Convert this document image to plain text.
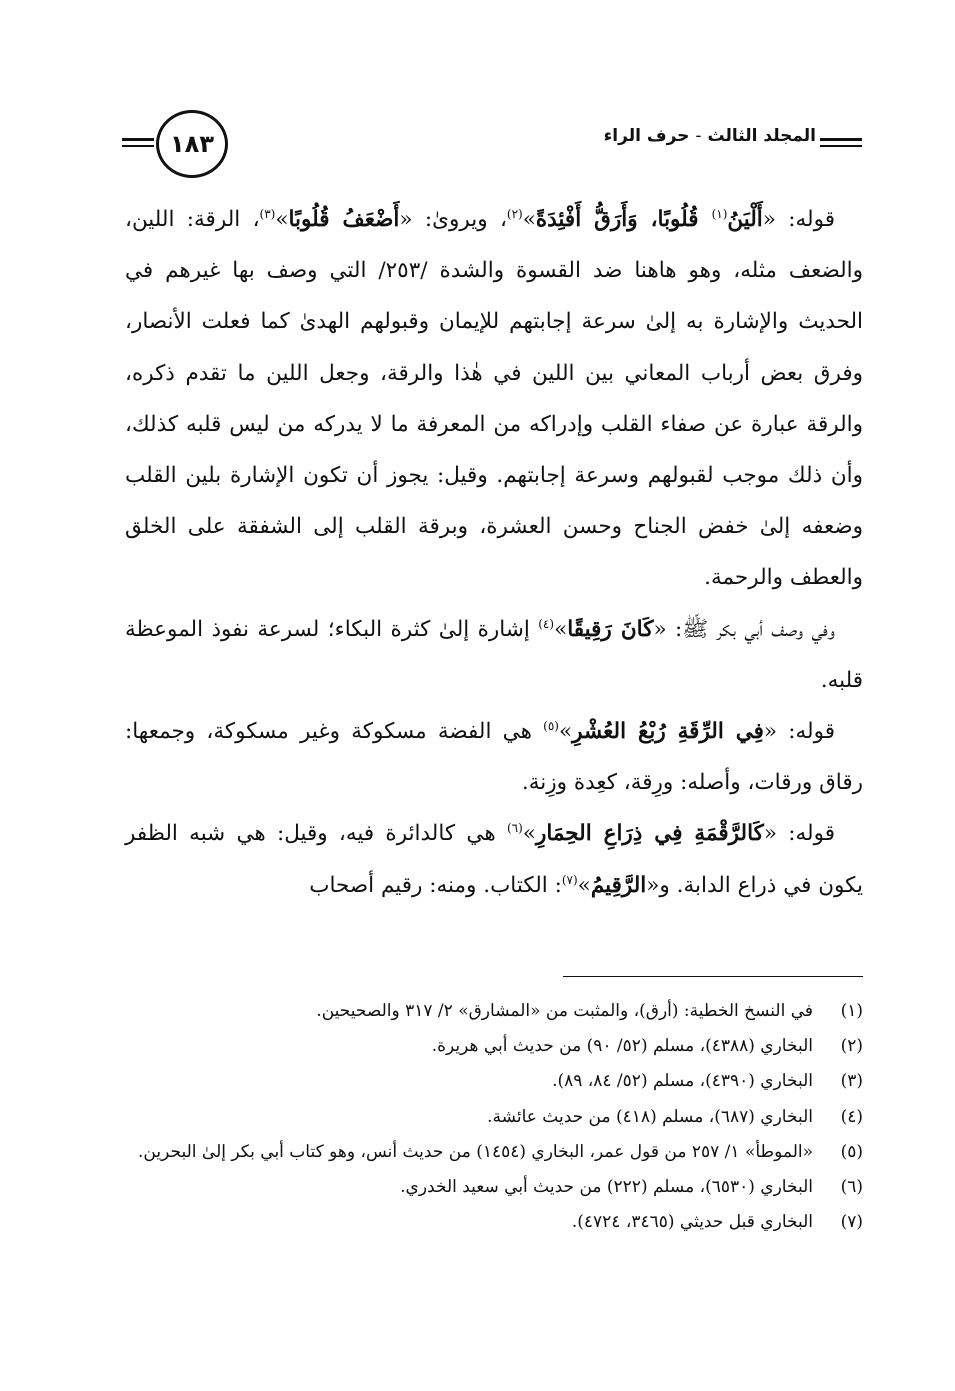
المجلد الثالث-حرف الراء
١٨٣

قوله: «أَلْيَنُ$^{(١)}$ قُلُوبًا، وَأَرَقُّ أَفْئِدَةً»$^{(٢)}$، ويروىٰ: «أَضْعَفُ قُلُوبًا»$^{(٣)}$، الرقة: اللين، والضعف مثله، وهو هاهنا ضد القسوة والشدة /٢٥٣/ التي وصف بها غيرهم في الحديث والإشارة به إلىٰ سرعة إجابتهم للإيمان وقبولهم الهدىٰ كما فعلت الأنصار، وفرق بعض أرباب المعاني بين اللين في هٰذا والرقة، وجعل اللين ما تقدم ذكره، والرقة عبارة عن صفاء القلب وإدراكه من المعرفة ما لا يدركه من ليس قلبه كذلك، وأن ذلك موجب لقبولهم وسرعة إجابتهم. وقيل: يجوز أن تكون الإشارة بلين القلب وضعفه إلىٰ خفض الجناح وحسن العشرة، وبرقة القلب إلى الشفقة على الخلق والعطف والرحمة.

وفي وصف أبي بكر ﷺ: «كَانَ رَقِيقًا»$^{(٤)}$ إشارة إلىٰ كثرة البكاء؛ لسرعة نفوذ الموعظة قلبه.

قوله: «فِي الرِّقَةِ رُبْعُ العُشْرِ»$^{(٥)}$ هي الفضة مسكوكة وغير مسكوكة، وجمعها: رقاق ورقات، وأصله: ورِقة، كعِدة وزِنة.

قوله: «كَالرَّقْمَةِ فِي ذِرَاعِ الحِمَارِ»$^{(٦)}$ هي كالدائرة فيه، وقيل: هي شبه الظفر يكون في ذراع الدابة. و«الرَّقِيمُ»$^{(٧)}$: الكتاب. ومنه: رقيم أصحاب

(١)
في النسخ الخطية: (أرق)، والمثبت من «المشارق» ٢/ ٣١٧ والصحيحين.
(٢)
البخاري (٤٣٨٨)، مسلم (٥٢/ ٩٠) من حديث أبي هريرة.
(٣)
البخاري (٤٣٩٠)، مسلم (٥٢/ ٨٤، ٨٩).
(٤)
البخاري (٦٨٧)، مسلم (٤١٨) من حديث عائشة.
(٥)
«الموطأ» ١/ ٢٥٧ من قول عمر، البخاري (١٤٥٤) من حديث أنس، وهو كتاب أبي بكر إلىٰ البحرين.
(٦)
البخاري (٦٥٣٠)، مسلم (٢٢٢) من حديث أبي سعيد الخدري.
(٧)
البخاري قبل حديثي (٣٤٦٥، ٤٧٢٤).
